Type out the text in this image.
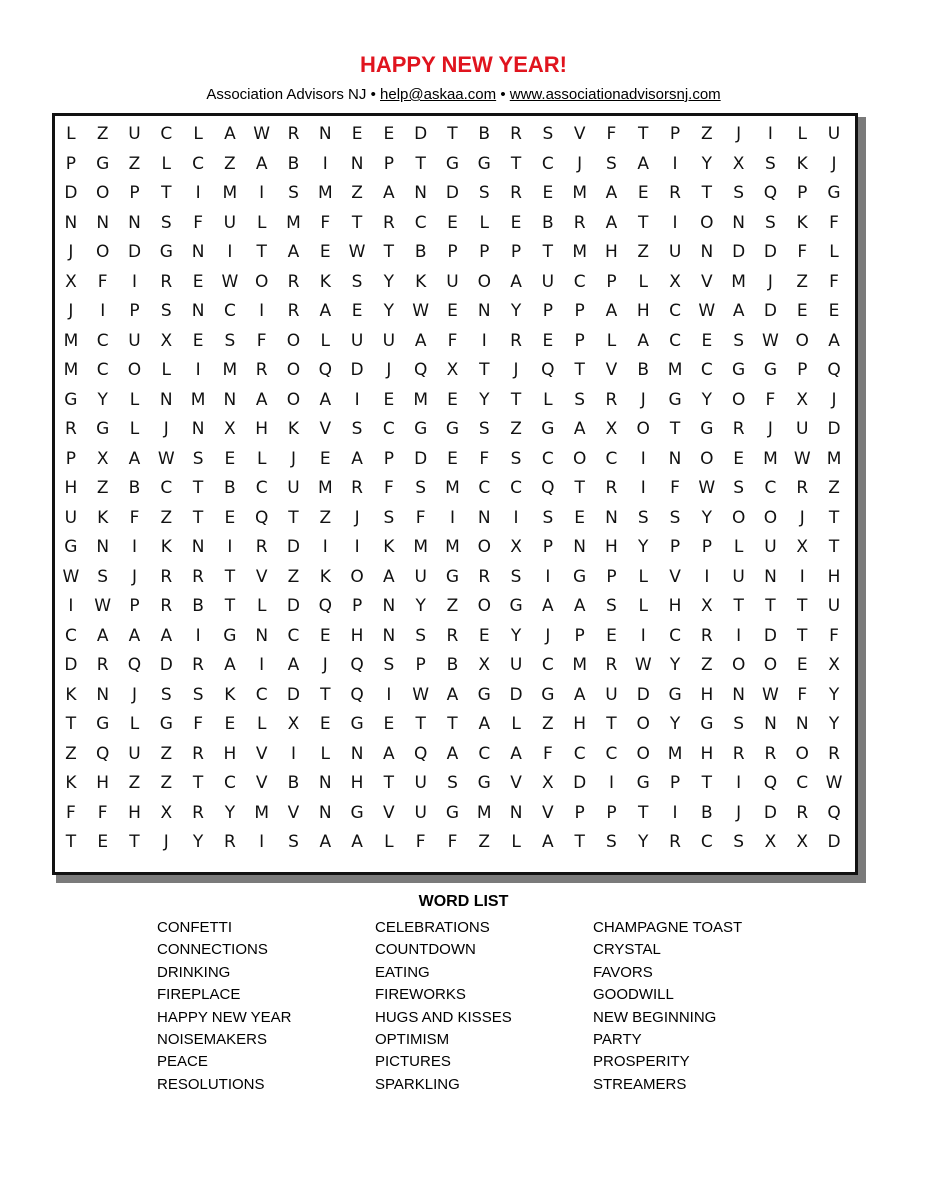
HAPPY NEW YEAR!
Association Advisors NJ • help@askaa.com • www.associationadvisorsnj.com
L Z U C L A W R N E E D T B R S V F T P Z J I L U
P G Z L C Z A B I N P T G G T C J S A I Y X S K J
D O P T I M I S M Z A N D S R E M A E R T S Q P G
N N N S F U L M F T R C E L E B R A T I O N S K F
J O D G N I T A E W T B P P P T M H Z U N D D F L
X F I R E W O R K S Y K U O A U C P L X V M J Z F
J I P S N C I R A E Y W E N Y P P A H C W A D E E
M C U X E S F O L U U A F I R E P L A C E S W O A
M C O L I M R O Q D J Q X T J Q T V B M C G G P Q
G Y L N M N A O A I E M E Y T L S R J G Y O F X J
R G L J N X H K V S C G G S Z G A X O T G R J U D
P X A W S E L J E A P D E F S C O C I N O E M W M
H Z B C T B C U M R F S M C C Q T R I F W S C R Z
U K F Z T E Q T Z J S F I N I S E N S S Y O O J T
G N I K N I R D I I K M M O X P N H Y P P L U X T
W S J R R T V Z K O A U G R S I G P L V I U N I H
I W P R B T L D Q P N Y Z O G A A S L H X T T T U
C A A A I G N C E H N S R E Y J P E I C R I D T F
D R Q D R A I A J Q S P B X U C M R W Y Z O O E X
K N J S S K C D T Q I W A G D G A U D G H N W F Y
T G L G F E L X E G E T T A L Z H T O Y G S N N Y
Z Q U Z R H V I L N A Q A C A F C C O M H R R O R
K H Z Z T C V B N H T U S G V X D I G P T I Q C W
F F H X R Y M V N G V U G M N V P P T I B J D R Q
T E T J Y R I S A A L F F Z L A T S Y R C S X X D
WORD LIST
CONFETTI
CONNECTIONS
DRINKING
FIREPLACE
HAPPY NEW YEAR
NOISEMAKERS
PEACE
RESOLUTIONS
CELEBRATIONS
COUNTDOWN
EATING
FIREWORKS
HUGS AND KISSES
OPTIMISM
PICTURES
SPARKLING
CHAMPAGNE TOAST
CRYSTAL
FAVORS
GOODWILL
NEW BEGINNING
PARTY
PROSPERITY
STREAMERS
